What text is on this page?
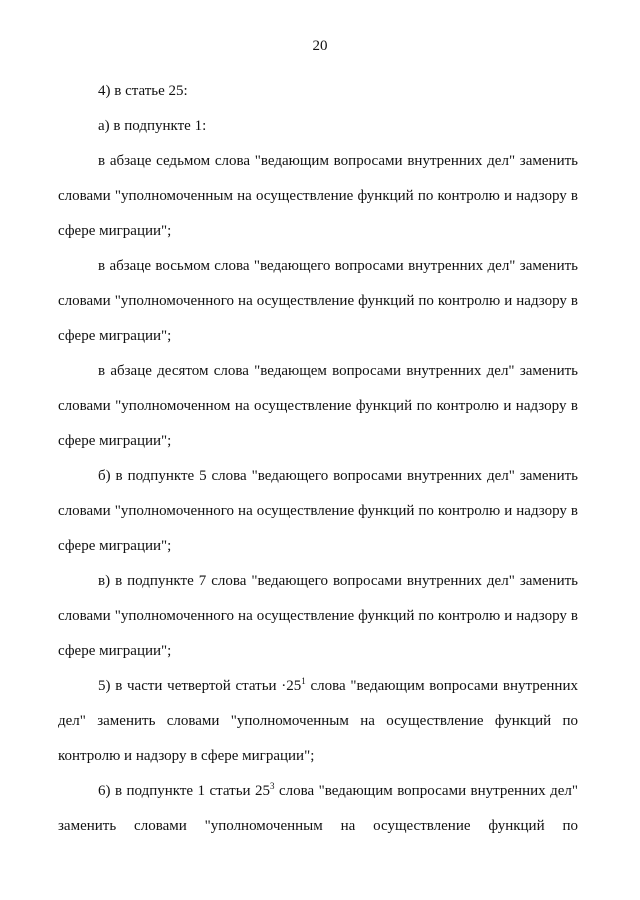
20

4) в статье 25:

а) в подпункте 1:

в абзаце седьмом слова "ведающим вопросами внутренних дел" заменить словами "уполномоченным на осуществление функций по контролю и надзору в сфере миграции";

в абзаце восьмом слова "ведающего вопросами внутренних дел" заменить словами "уполномоченного на осуществление функций по контролю и надзору в сфере миграции";

в абзаце десятом слова "ведающем вопросами внутренних дел" заменить словами "уполномоченном на осуществление функций по контролю и надзору в сфере миграции";

б) в подпункте 5 слова "ведающего вопросами внутренних дел" заменить словами "уполномоченного на осуществление функций по контролю и надзору в сфере миграции";

в) в подпункте 7 слова "ведающего вопросами внутренних дел" заменить словами "уполномоченного на осуществление функций по контролю и надзору в сфере миграции";

5) в части четвертой статьи $\cdot 25^1$ слова "ведающим вопросами внутренних дел" заменить словами "уполномоченным на осуществление функций по контролю и надзору в сфере миграции";

6) в подпункте 1 статьи $25^3$ слова "ведающим вопросами внутренних дел" заменить словами "уполномоченным на осуществление функций по
